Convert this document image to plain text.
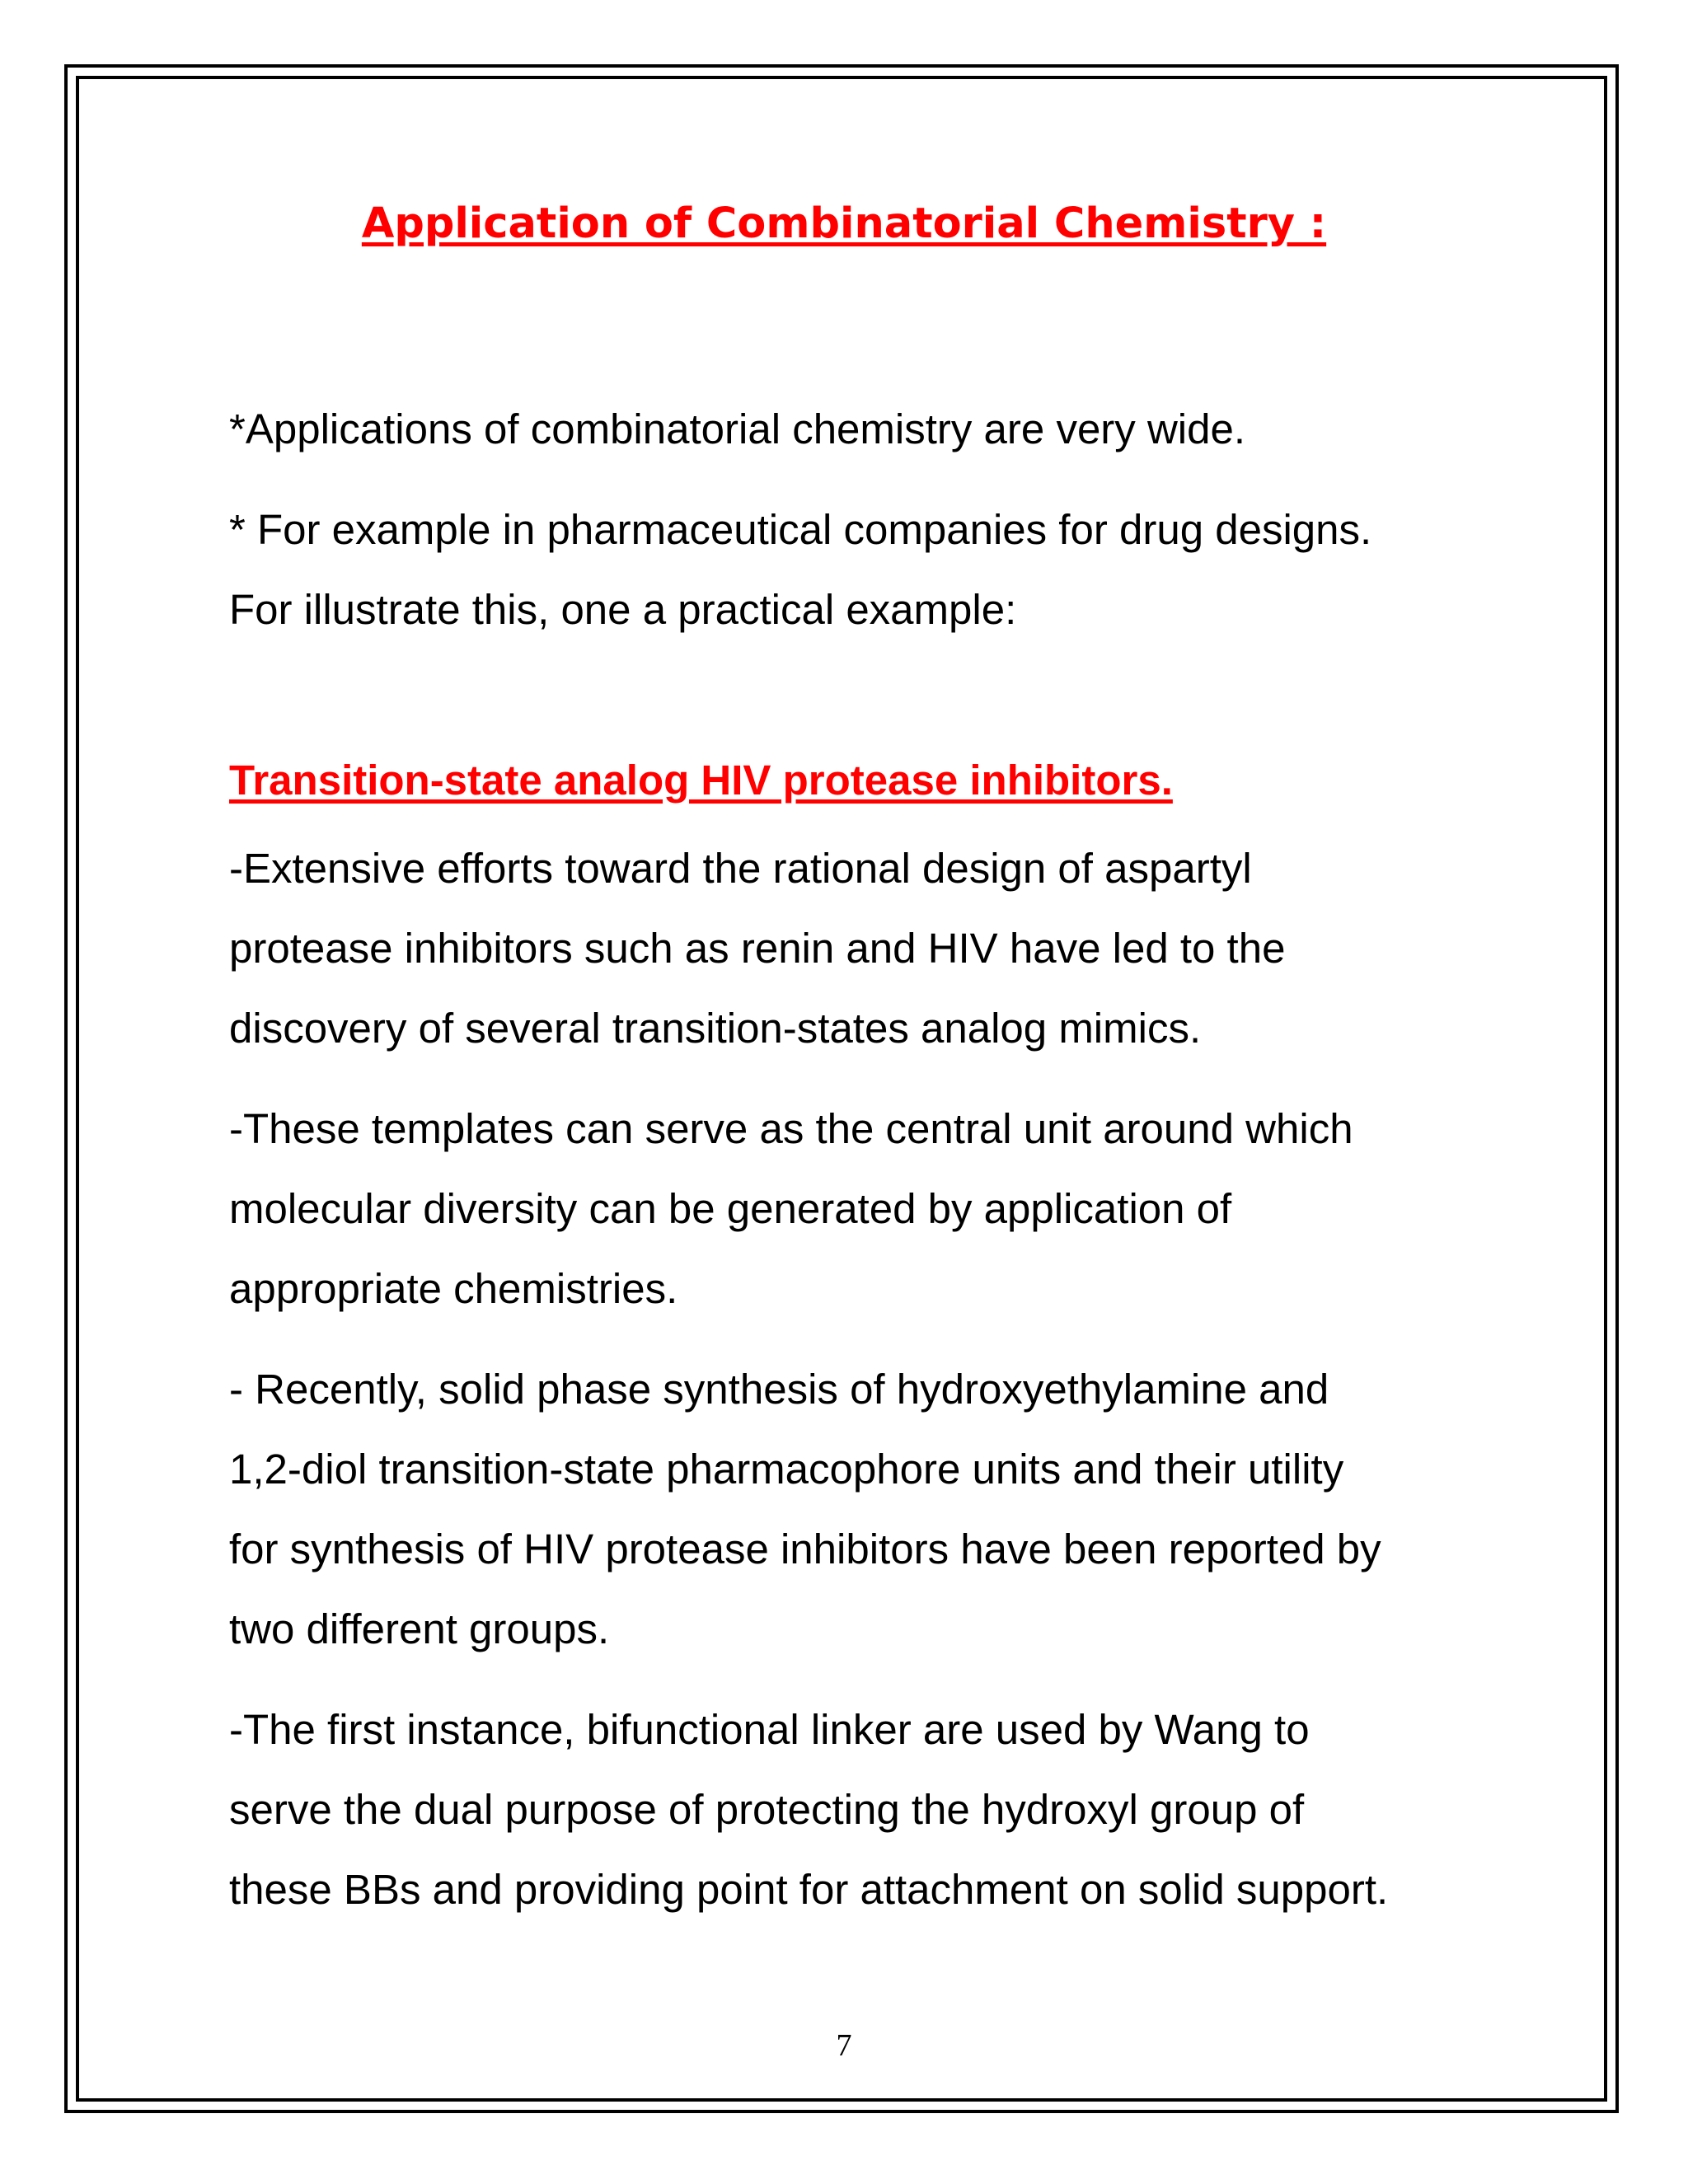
Application of Combinatorial Chemistry :

*Applications of combinatorial chemistry are very wide.

* For example in pharmaceutical companies for drug designs.
For illustrate this, one a practical example:

Transition-state analog HIV protease inhibitors.

-Extensive efforts toward the rational design of aspartyl
protease inhibitors such as renin and HIV have led to the
discovery of several transition-states analog mimics.

-These templates can serve as the central unit around which
molecular diversity can be generated by application of
appropriate chemistries.

- Recently, solid phase synthesis of hydroxyethylamine and
1,2-diol transition-state pharmacophore units and their utility
for synthesis of HIV protease inhibitors have been reported by
two different groups.

-The first instance, bifunctional linker are used by Wang to
serve the dual purpose of protecting the hydroxyl group of
these BBs and providing point for attachment on solid support.

7
